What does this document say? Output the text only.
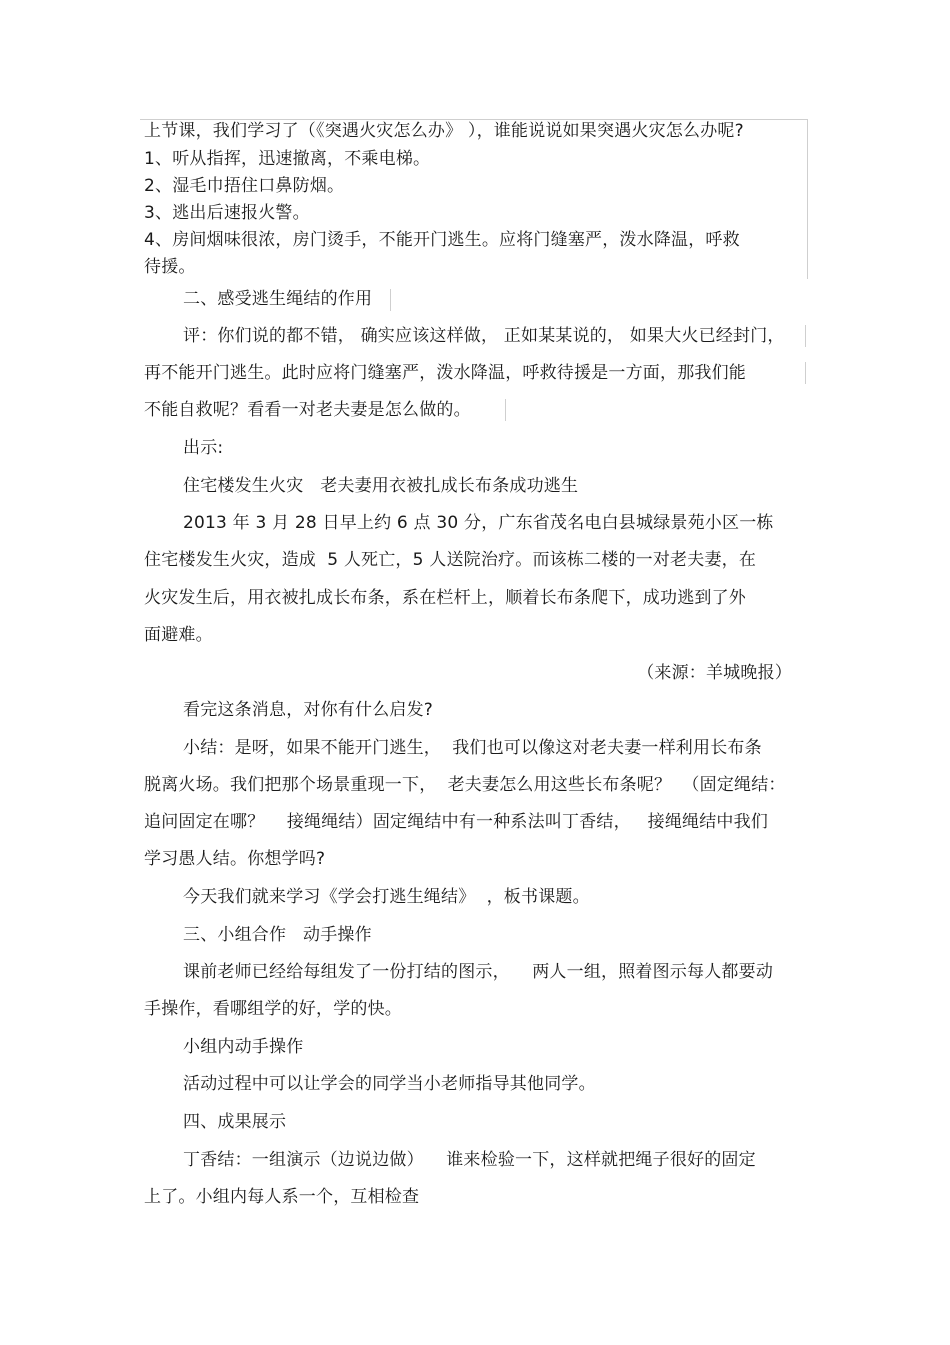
上节课，我们学习了（《突遇火灾怎么办》 ），谁能说说如果突遇火灾怎么办呢?
1、听从指挥，迅速撤离，不乘电梯。
2、湿毛巾捂住口鼻防烟。
3、逃出后速报火警。
4、房间烟味很浓，房门烫手，不能开门逃生。应将门缝塞严，泼水降温，呼救
待援。
二、感受逃生绳结的作用
评：你们说的都不错， 确实应该这样做， 正如某某说的， 如果大火已经封门，
再不能开门逃生。此时应将门缝塞严，泼水降温，呼救待援是一方面，那我们能
不能自救呢？看看一对老夫妻是怎么做的。
出示:
住宅楼发生火灾   老夫妻用衣被扎成长布条成功逃生
2013 年 3 月 28 日早上约 6 点 30 分，广东省茂名电白县城绿景苑小区一栋
住宅楼发生火灾，造成  5 人死亡，5 人送院治疗。而该栋二楼的一对老夫妻，在
火灾发生后，用衣被扎成长布条，系在栏杆上，顺着长布条爬下，成功逃到了外
面避难。
（来源：羊城晚报）
看完这条消息，对你有什么启发?
小结：是呀，如果不能开门逃生，  我们也可以像这对老夫妻一样利用长布条
脱离火场。我们把那个场景重现一下，  老夫妻怎么用这些长布条呢？  （固定绳结：
追问固定在哪？    接绳绳结）固定绳结中有一种系法叫丁香结，   接绳绳结中我们
学习愚人结。你想学吗?
今天我们就来学习《学会打逃生绳结》  ，板书课题。
三、小组合作   动手操作
课前老师已经给每组发了一份打结的图示，    两人一组，照着图示每人都要动
手操作，看哪组学的好，学的快。
小组内动手操作
活动过程中可以让学会的同学当小老师指导其他同学。
四、成果展示
丁香结：一组演示（边说边做）    谁来检验一下，这样就把绳子很好的固定
上了。小组内每人系一个，互相检查
